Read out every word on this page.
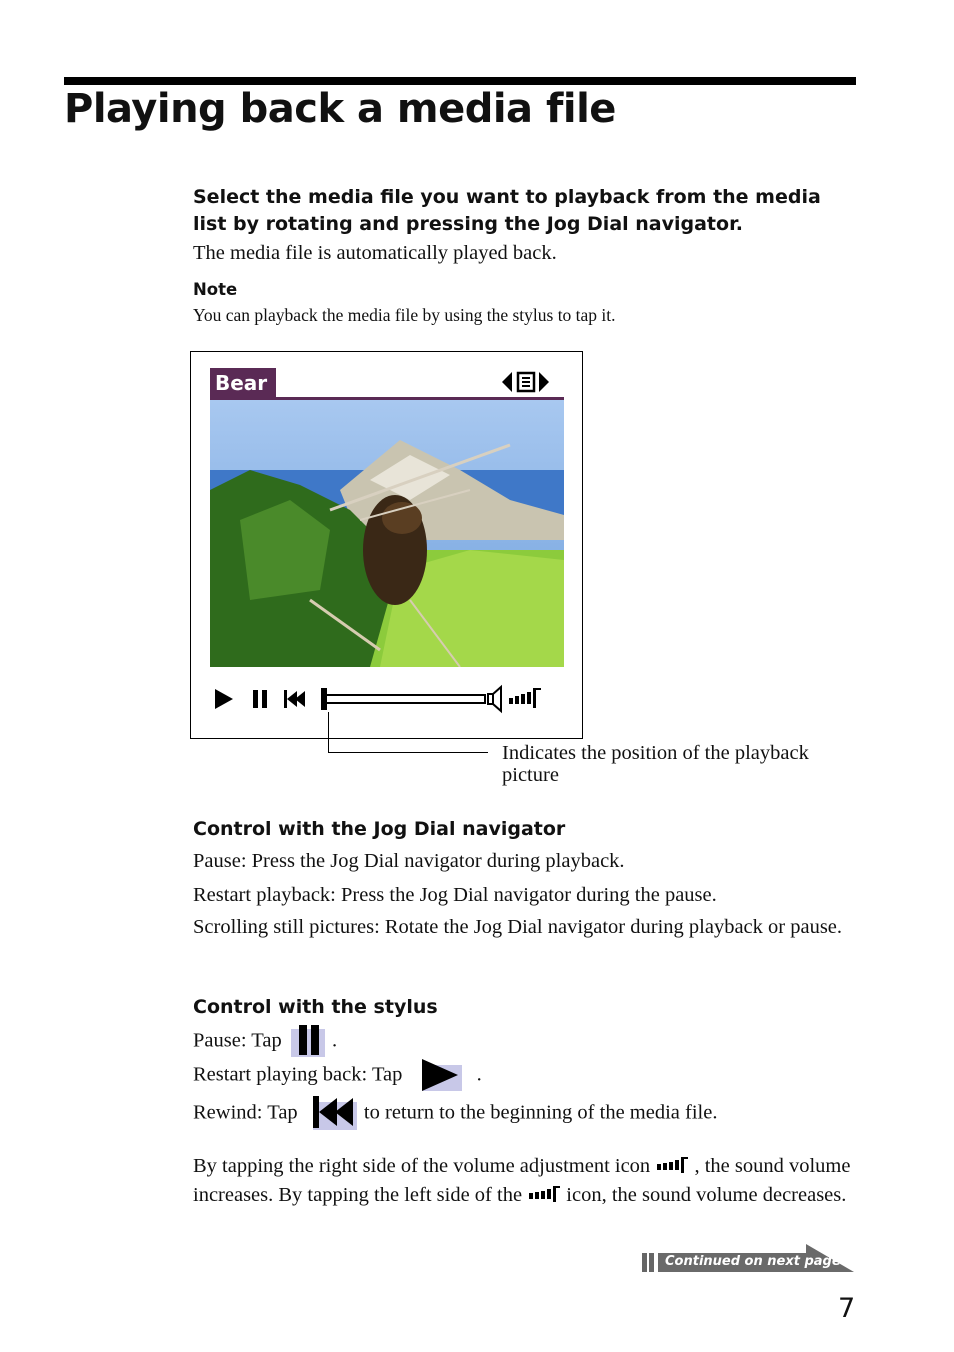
Playing back a media file

Select the media file you want to playback from the media list by rotating and pressing the Jog Dial navigator.

The media file is automatically played back.

Note

You can playback the media file by using the stylus to tap it.

Bear

Indicates the position of the playback picture

Control with the Jog Dial navigator

Pause: Press the Jog Dial navigator during playback.

Restart playback: Press the Jog Dial navigator during the pause.

Scrolling still pictures: Rotate the Jog Dial navigator during playback or pause.

Control with the stylus

Pause: Tap .

Restart playing back: Tap	.

Rewind: Tap	to return to the beginning of the media file.

By tapping the right side of the volume adjustment icon , the sound volume increases. By tapping the left side of the icon, the sound volume decreases.

Continued on next page

7
